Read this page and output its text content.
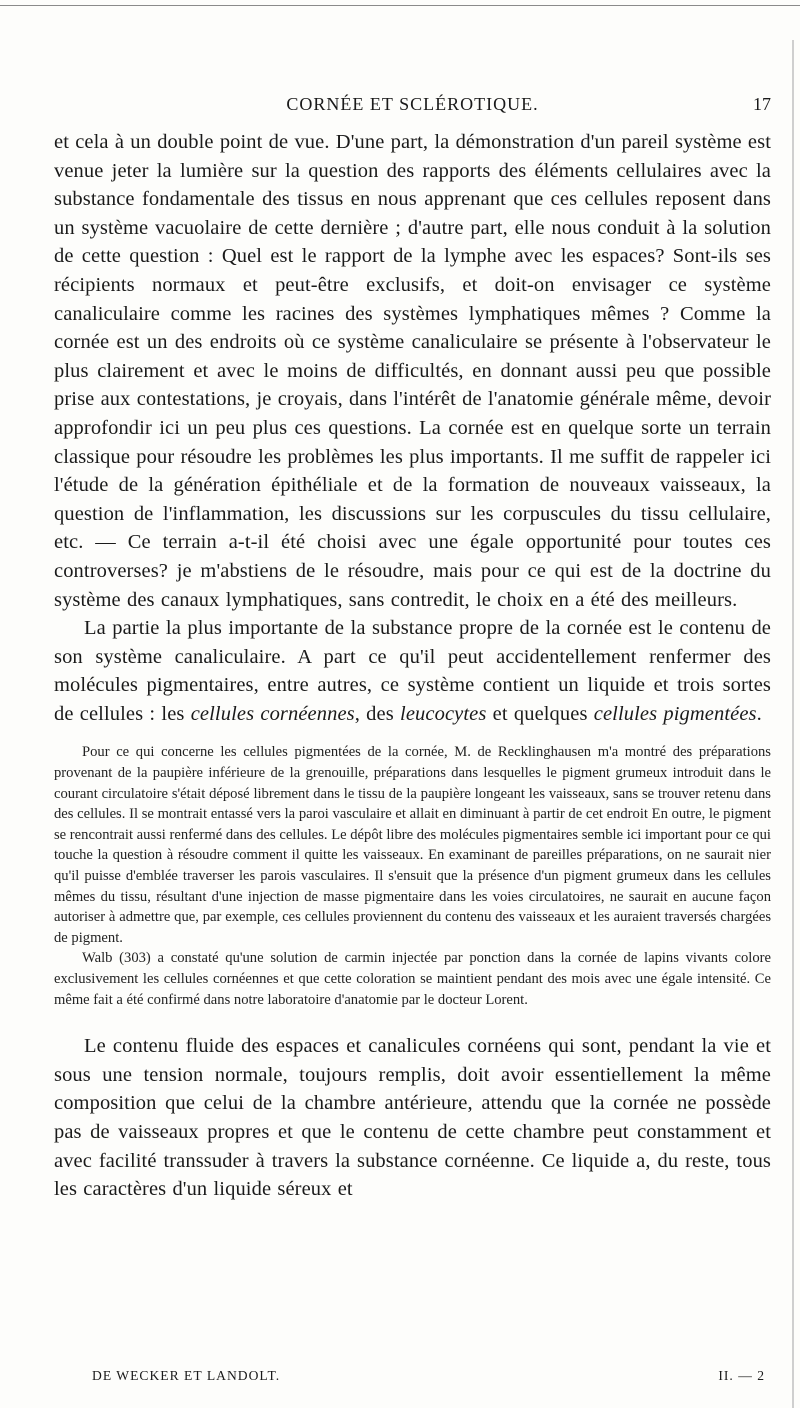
CORNÉE ET SCLÉROTIQUE.	17

et cela à un double point de vue. D'une part, la démonstration d'un pareil système est venue jeter la lumière sur la question des rapports des éléments cellulaires avec la substance fondamentale des tissus en nous apprenant que ces cellules reposent dans un système vacuolaire de cette dernière ; d'autre part, elle nous conduit à la solution de cette question : Quel est le rapport de la lymphe avec les espaces? Sont-ils ses récipients normaux et peut-être exclusifs, et doit-on envisager ce système canaliculaire comme les racines des systèmes lymphatiques mêmes ? Comme la cornée est un des endroits où ce système canaliculaire se présente à l'observateur le plus clairement et avec le moins de difficultés, en donnant aussi peu que possible prise aux contestations, je croyais, dans l'intérêt de l'anatomie générale même, devoir approfondir ici un peu plus ces questions. La cornée est en quelque sorte un terrain classique pour résoudre les problèmes les plus importants. Il me suffit de rappeler ici l'étude de la génération épithéliale et de la formation de nouveaux vaisseaux, la question de l'inflammation, les discussions sur les corpuscules du tissu cellulaire, etc. — Ce terrain a-t-il été choisi avec une égale opportunité pour toutes ces controverses? je m'abstiens de le résoudre, mais pour ce qui est de la doctrine du système des canaux lymphatiques, sans contredit, le choix en a été des meilleurs.

La partie la plus importante de la substance propre de la cornée est le contenu de son système canaliculaire. A part ce qu'il peut accidentellement renfermer des molécules pigmentaires, entre autres, ce système contient un liquide et trois sortes de cellules : les cellules cornéennes, des leucocytes et quelques cellules pigmentées.

Pour ce qui concerne les cellules pigmentées de la cornée, M. de Recklinghausen m'a montré des préparations provenant de la paupière inférieure de la grenouille, préparations dans lesquelles le pigment grumeux introduit dans le courant circulatoire s'était déposé librement dans le tissu de la paupière longeant les vaisseaux, sans se trouver retenu dans des cellules. Il se montrait entassé vers la paroi vasculaire et allait en diminuant à partir de cet endroit En outre, le pigment se rencontrait aussi renfermé dans des cellules. Le dépôt libre des molécules pigmentaires semble ici important pour ce qui touche la question à résoudre comment il quitte les vaisseaux. En examinant de pareilles préparations, on ne saurait nier qu'il puisse d'emblée traverser les parois vasculaires. Il s'ensuit que la présence d'un pigment grumeux dans les cellules mêmes du tissu, résultant d'une injection de masse pigmentaire dans les voies circulatoires, ne saurait en aucune façon autoriser à admettre que, par exemple, ces cellules proviennent du contenu des vaisseaux et les auraient traversés chargées de pigment.

Walb (303) a constaté qu'une solution de carmin injectée par ponction dans la cornée de lapins vivants colore exclusivement les cellules cornéennes et que cette coloration se maintient pendant des mois avec une égale intensité. Ce même fait a été confirmé dans notre laboratoire d'anatomie par le docteur Lorent.

Le contenu fluide des espaces et canalicules cornéens qui sont, pendant la vie et sous une tension normale, toujours remplis, doit avoir essentiellement la même composition que celui de la chambre antérieure, attendu que la cornée ne possède pas de vaisseaux propres et que le contenu de cette chambre peut constamment et avec facilité transsuder à travers la substance cornéenne. Ce liquide a, du reste, tous les caractères d'un liquide séreux et

DE WECKER ET LANDOLT.	II. — 2
